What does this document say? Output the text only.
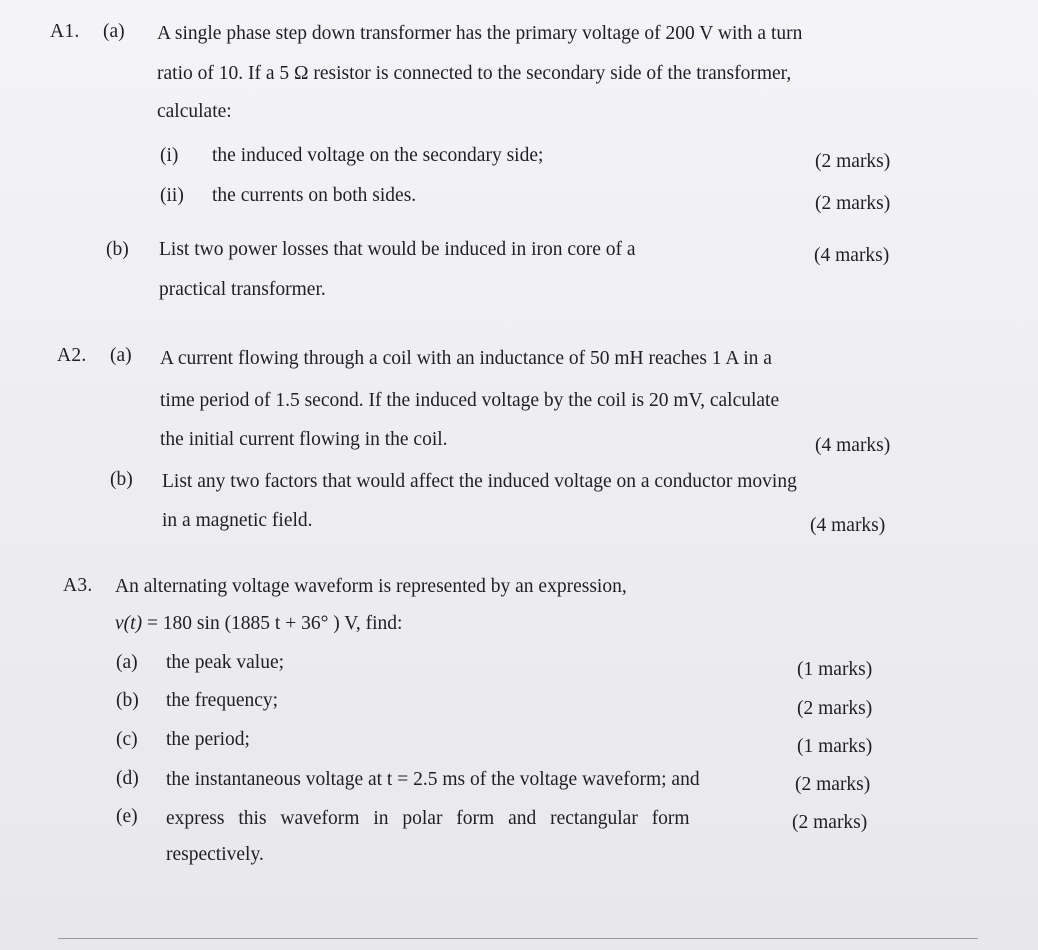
A1. (a) A single phase step down transformer has the primary voltage of 200 V with a turn
ratio of 10. If a 5 Ω resistor is connected to the secondary side of the transformer,
calculate:
(i) the induced voltage on the secondary side;	(2 marks)
(ii) the currents on both sides.	(2 marks)
(b) List two power losses that would be induced in iron core of a	(4 marks)
practical transformer.
A2. (a) A current flowing through a coil with an inductance of 50 mH reaches 1 A in a
time period of 1.5 second. If the induced voltage by the coil is 20 mV, calculate
the initial current flowing in the coil.	(4 marks)
(b) List any two factors that would affect the induced voltage on a conductor moving
in a magnetic field.	(4 marks)
A3. An alternating voltage waveform is represented by an expression,
v(t) = 180 sin (1885 t + 36° ) V, find:
(a) the peak value;	(1 marks)
(b) the frequency;	(2 marks)
(c) the period;	(1 marks)
(d) the instantaneous voltage at t = 2.5 ms of the voltage waveform; and	(2 marks)
(e) express this waveform in polar form and rectangular form	(2 marks)
respectively.
